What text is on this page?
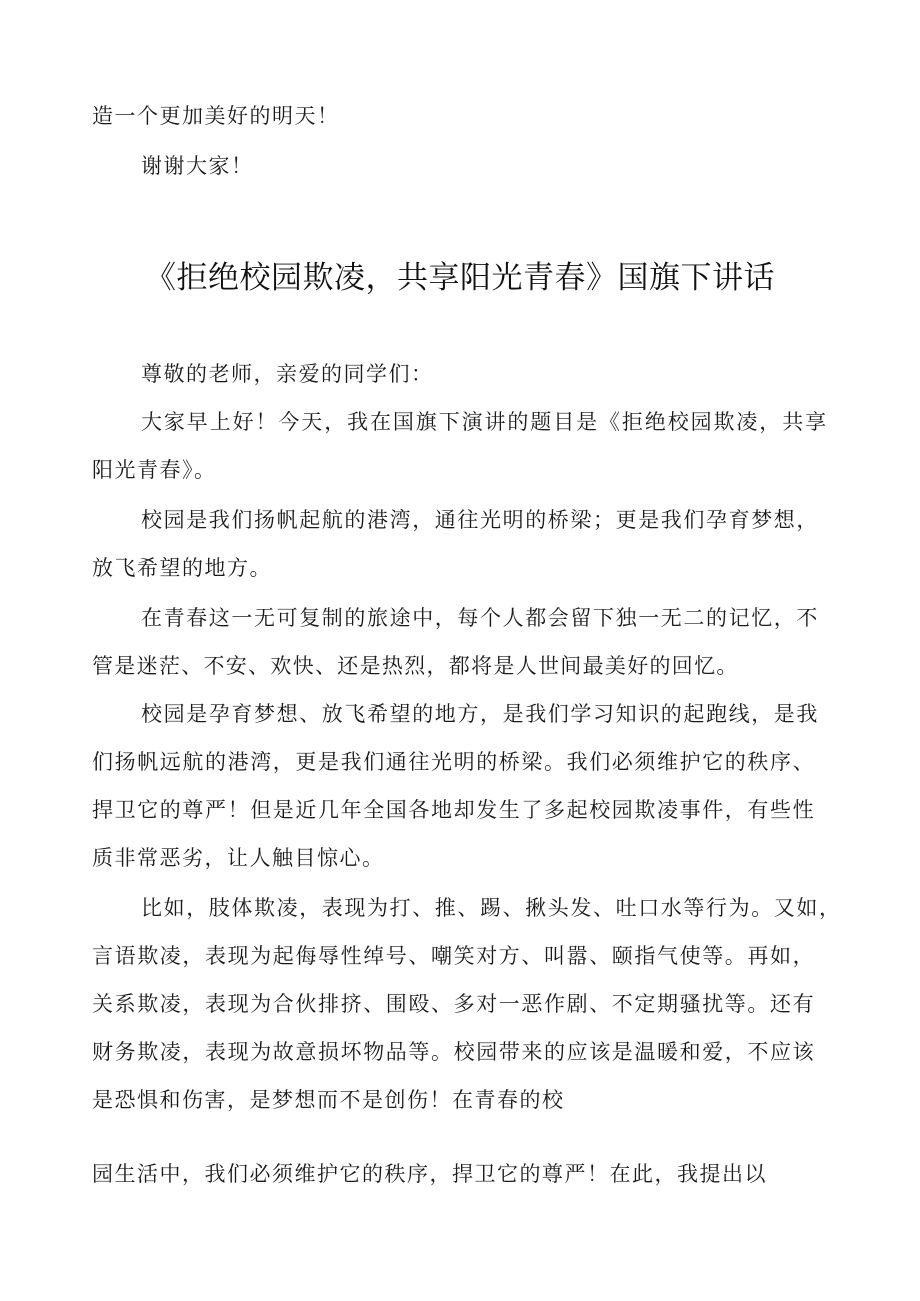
造一个更加美好的明天！
谢谢大家！
《拒绝校园欺凌，共享阳光青春》国旗下讲话
尊敬的老师，亲爱的同学们：
大家早上好！今天，我在国旗下演讲的题目是《拒绝校园欺凌，共享
阳光青春》。
校园是我们扬帆起航的港湾，通往光明的桥梁；更是我们孕育梦想，
放飞希望的地方。
在青春这一无可复制的旅途中，每个人都会留下独一无二的记忆，不
管是迷茫、不安、欢快、还是热烈，都将是人世间最美好的回忆。
校园是孕育梦想、放飞希望的地方，是我们学习知识的起跑线，是我
们扬帆远航的港湾，更是我们通往光明的桥梁。我们必须维护它的秩序、
捍卫它的尊严！但是近几年全国各地却发生了多起校园欺凌事件，有些性
质非常恶劣，让人触目惊心。
比如，肢体欺凌，表现为打、推、踢、揪头发、吐口水等行为。又如，
言语欺凌，表现为起侮辱性绰号、嘲笑对方、叫嚣、颐指气使等。再如，
关系欺凌，表现为合伙排挤、围殴、多对一恶作剧、不定期骚扰等。还有
财务欺凌，表现为故意损坏物品等。校园带来的应该是温暖和爱，不应该
是恐惧和伤害，是梦想而不是创伤！在青春的校
园生活中，我们必须维护它的秩序，捍卫它的尊严！在此，我提出以
